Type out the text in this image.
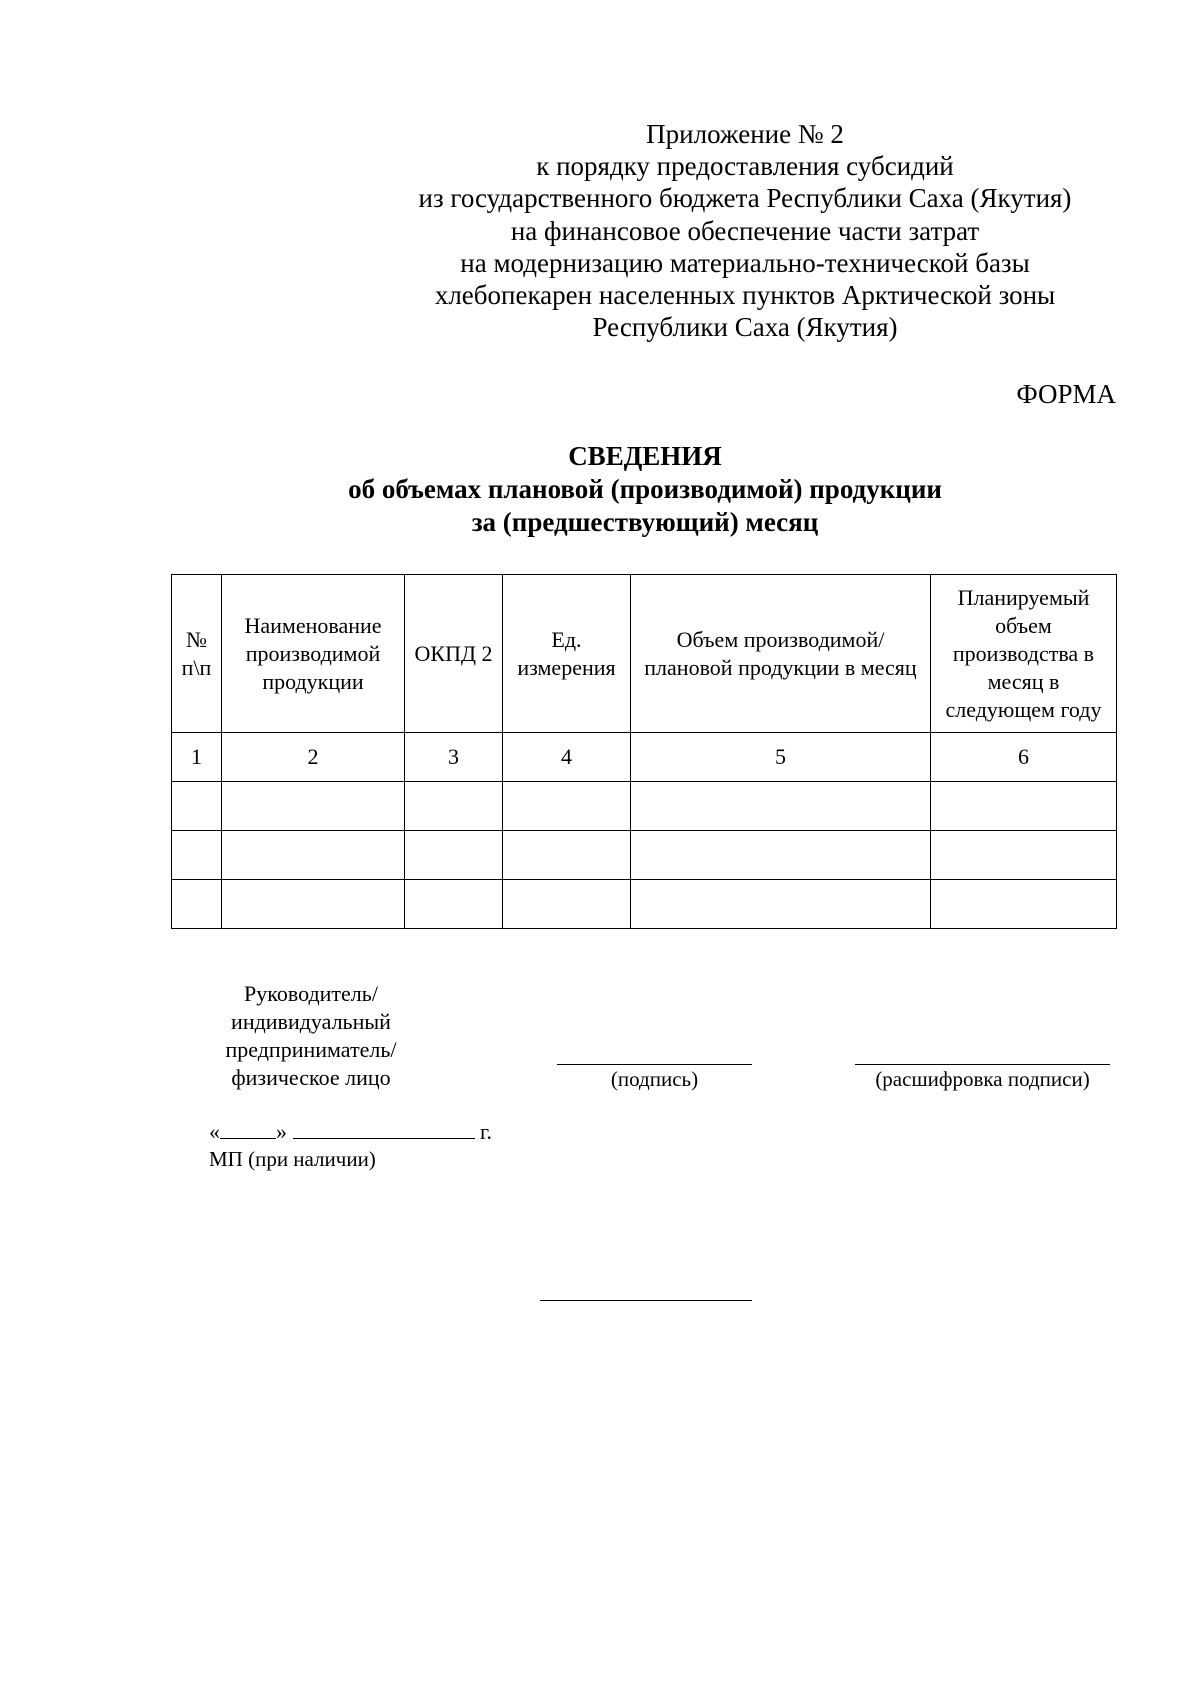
Приложение № 2
к порядку предоставления субсидий
из государственного бюджета Республики Саха (Якутия)
на финансовое обеспечение части затрат
на модернизацию материально-технической базы
хлебопекарен населенных пунктов Арктической зоны
Республики Саха (Якутия)
ФОРМА
СВЕДЕНИЯ
об объемах плановой (производимой) продукции
за (предшествующий) месяц
№ п\п	Наименование производимой продукции	ОКПД 2	Ед. измерения	Объем производимой/плановой продукции в месяц	Планируемый объем производства в месяц в следующем году
1	2	3	4	5	6

Руководитель/ индивидуальный предприниматель/ физическое лицо	(подпись)	(расшифровка подписи)
«	»	г.
МП (при наличии)
